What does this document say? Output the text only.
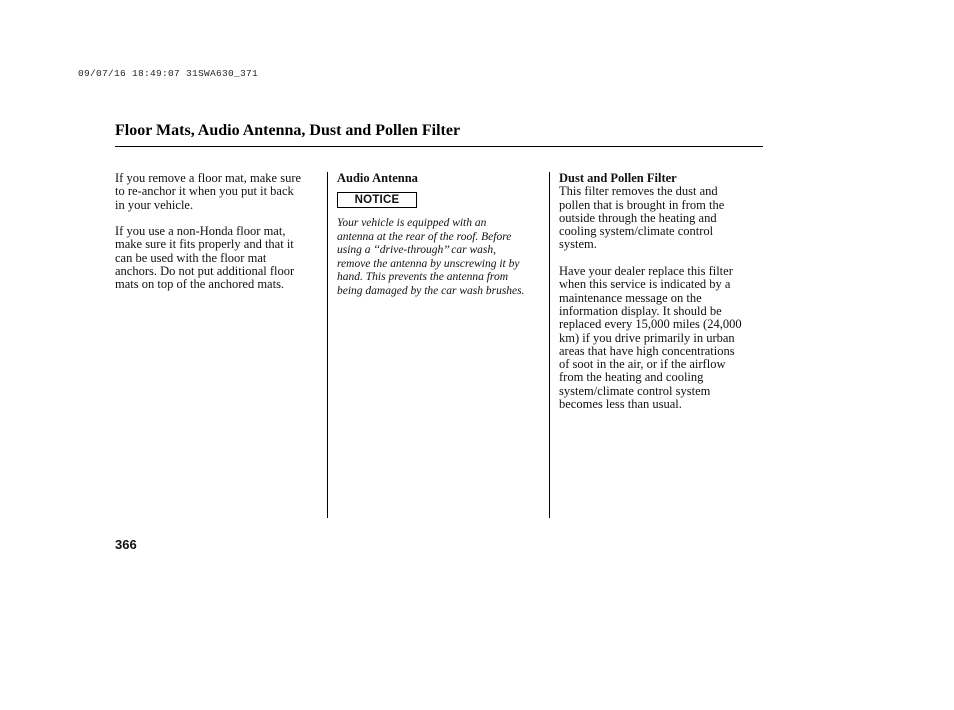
09/07/16 18:49:07 31SWA630_371
Floor Mats, Audio Antenna, Dust and Pollen Filter

If you remove a floor mat, make sure

to re-anchor it when you put it back

in your vehicle.

If you use a non-Honda floor mat,

make sure it fits properly and that it

can be used with the floor mat

anchors. Do not put additional floor

mats on top of the anchored mats.

Audio Antenna

NOTICE

Your vehicle is equipped with an

antenna at the rear of the roof. Before

using a ‘‘drive-through’’ car wash,

remove the antenna by unscrewing it by

hand. This prevents the antenna from

being damaged by the car wash brushes.

Dust and Pollen Filter

This filter removes the dust and

pollen that is brought in from the

outside through the heating and

cooling system/climate control

system.

Have your dealer replace this filter

when this service is indicated by a

maintenance message on the

information display. It should be

replaced every 15,000 miles (24,000

km) if you drive primarily in urban

areas that have high concentrations

of soot in the air, or if the airflow

from the heating and cooling

system/climate control system

becomes less than usual.

366
